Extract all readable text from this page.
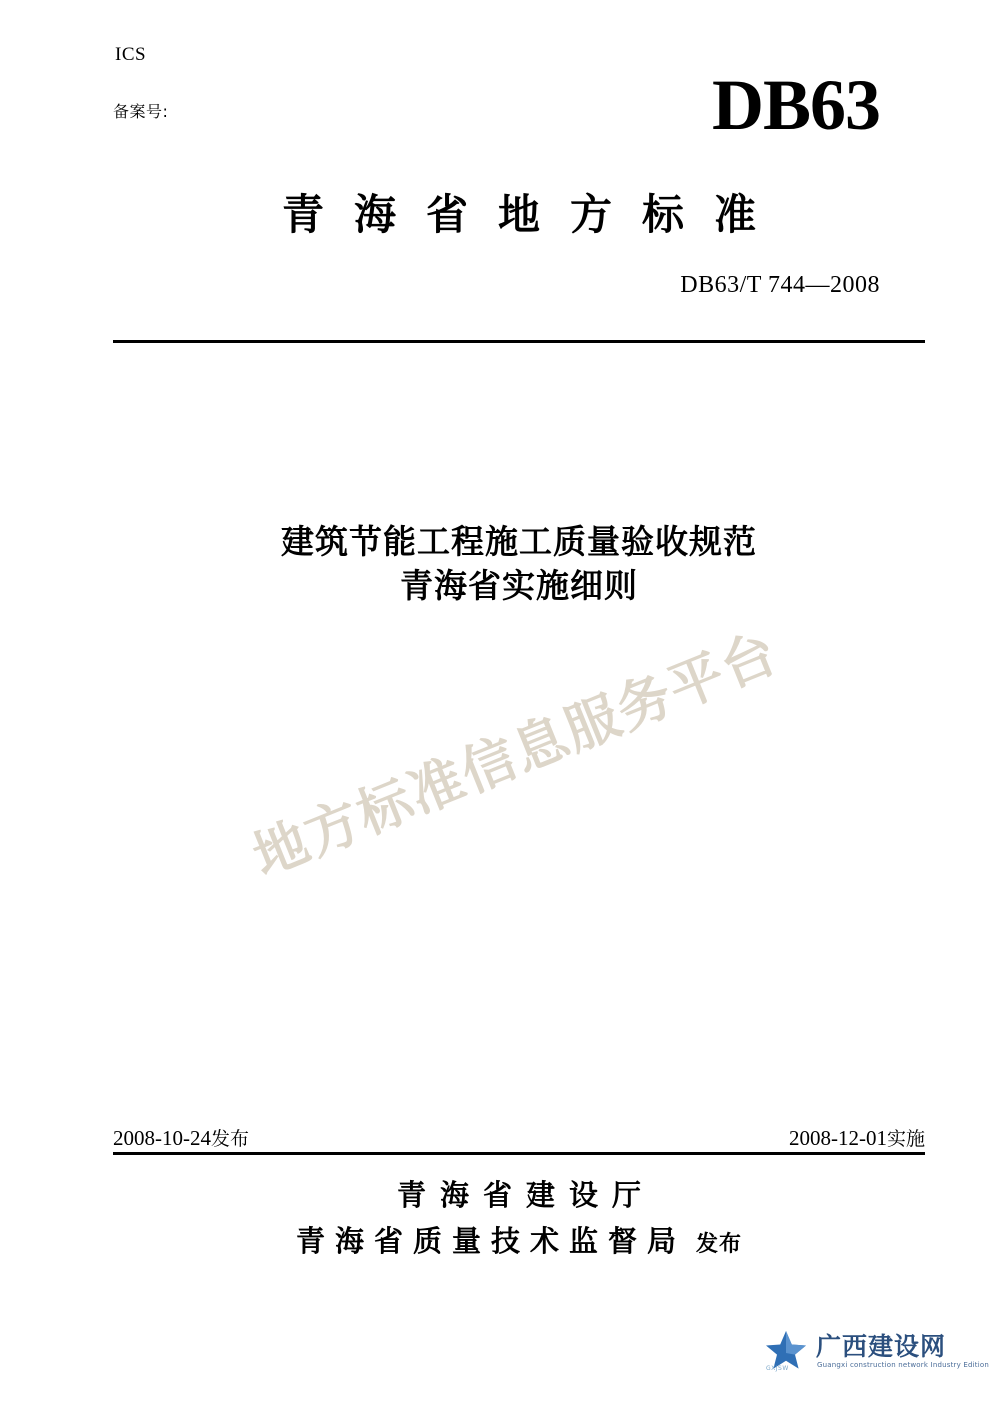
ICS
备案号:	DB63
青海省地方标准
DB63/T 744—2008
建筑节能工程施工质量验收规范
青海省实施细则
地方标准信息服务平台
2008-10-24发布	2008-12-01实施
青海省建设厅
青海省质量技术监督局 发布
GXJSW
广西建设网
Guangxi construction network Industry Edition
